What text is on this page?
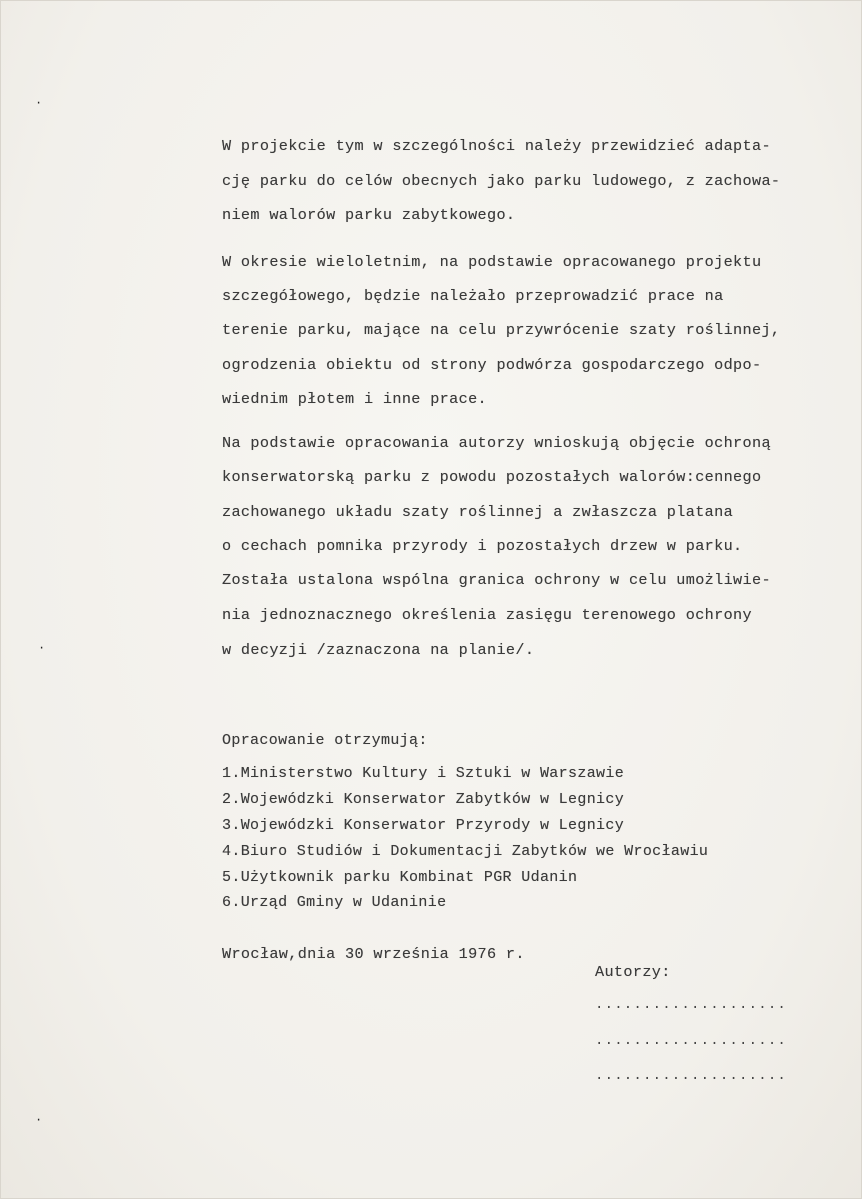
·
·
·
W projekcie tym w szczególności należy przewidzieć adapta-
cję parku do celów obecnych jako parku ludowego, z zachowa-
niem walorów parku zabytkowego.
W okresie wieloletnim, na podstawie opracowanego projektu
szczegółowego, będzie należało przeprowadzić prace na
terenie parku, mające na celu przywrócenie szaty roślinnej,
ogrodzenia obiektu od strony podwórza gospodarczego odpo-
wiednim płotem i inne prace.
Na podstawie opracowania autorzy wnioskują objęcie ochroną
konserwatorską parku z powodu pozostałych walorów:cennego
zachowanego układu szaty roślinnej a zwłaszcza platana
o cechach pomnika przyrody i pozostałych drzew w parku.
Została ustalona wspólna granica ochrony w celu umożliwie-
nia jednoznacznego określenia zasięgu terenowego ochrony
w decyzji /zaznaczona na planie/.
Opracowanie otrzymują:
1.Ministerstwo Kultury i Sztuki w Warszawie
2.Wojewódzki Konserwator Zabytków w Legnicy
3.Wojewódzki Konserwator Przyrody w Legnicy
4.Biuro Studiów i Dokumentacji Zabytków we Wrocławiu
5.Użytkownik parku Kombinat PGR Udanin
6.Urząd Gminy w Udaninie
Wrocław,dnia 30 września 1976 r.
Autorzy:
....................
....................
....................
